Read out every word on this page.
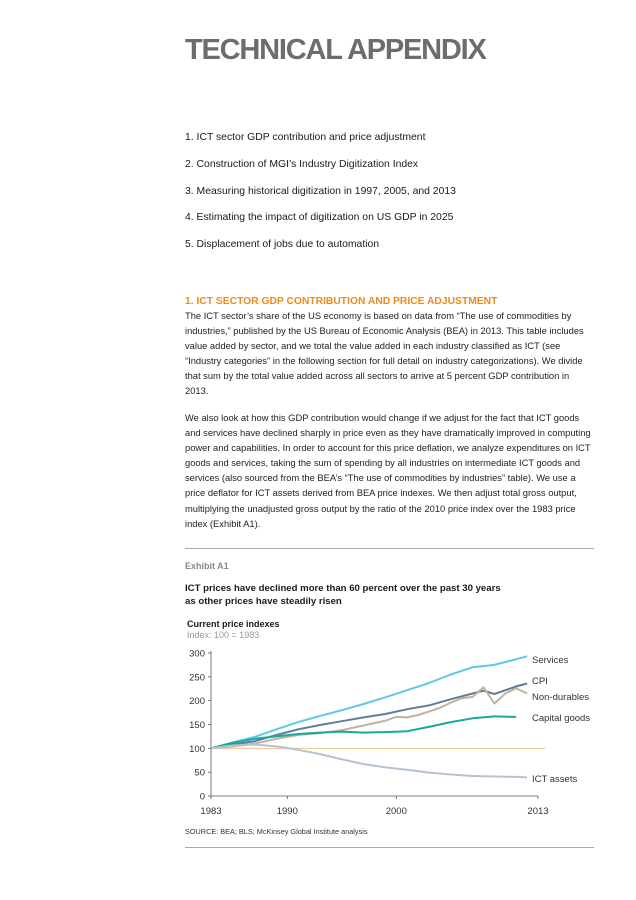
TECHNICAL APPENDIX
1. ICT sector GDP contribution and price adjustment
2. Construction of MGI’s Industry Digitization Index
3. Measuring historical digitization in 1997, 2005, and 2013
4. Estimating the impact of digitization on US GDP in 2025
5. Displacement of jobs due to automation
1. ICT SECTOR GDP CONTRIBUTION AND PRICE ADJUSTMENT
The ICT sector’s share of the US economy is based on data from “The use of commodities by industries,” published by the US Bureau of Economic Analysis (BEA) in 2013. This table includes value added by sector, and we total the value added in each industry classified as ICT (see “Industry categories” in the following section for full detail on industry categorizations). We divide that sum by the total value added across all sectors to arrive at 5 percent GDP contribution in 2013.
We also look at how this GDP contribution would change if we adjust for the fact that ICT goods and services have declined sharply in price even as they have dramatically improved in computing power and capabilities. In order to account for this price deflation, we analyze expenditures on ICT goods and services, taking the sum of spending by all industries on intermediate ICT goods and services (also sourced from the BEA’s “The use of commodities by industries” table). We use a price deflator for ICT assets derived from BEA price indexes. We then adjust total gross output, multiplying the unadjusted gross output by the ratio of the 2010 price index over the 1983 price index (Exhibit A1).
Exhibit A1
ICT prices have declined more than 60 percent over the past 30 years
as other prices have steadily risen
Current price indexes
Index: 100 = 1983
0
50
100
150
200
250
300
1983	1990	2000	2013
Services
CPI
Non-durables
Capital goods
ICT assets
SOURCE: BEA; BLS; McKinsey Global Institute analysis
